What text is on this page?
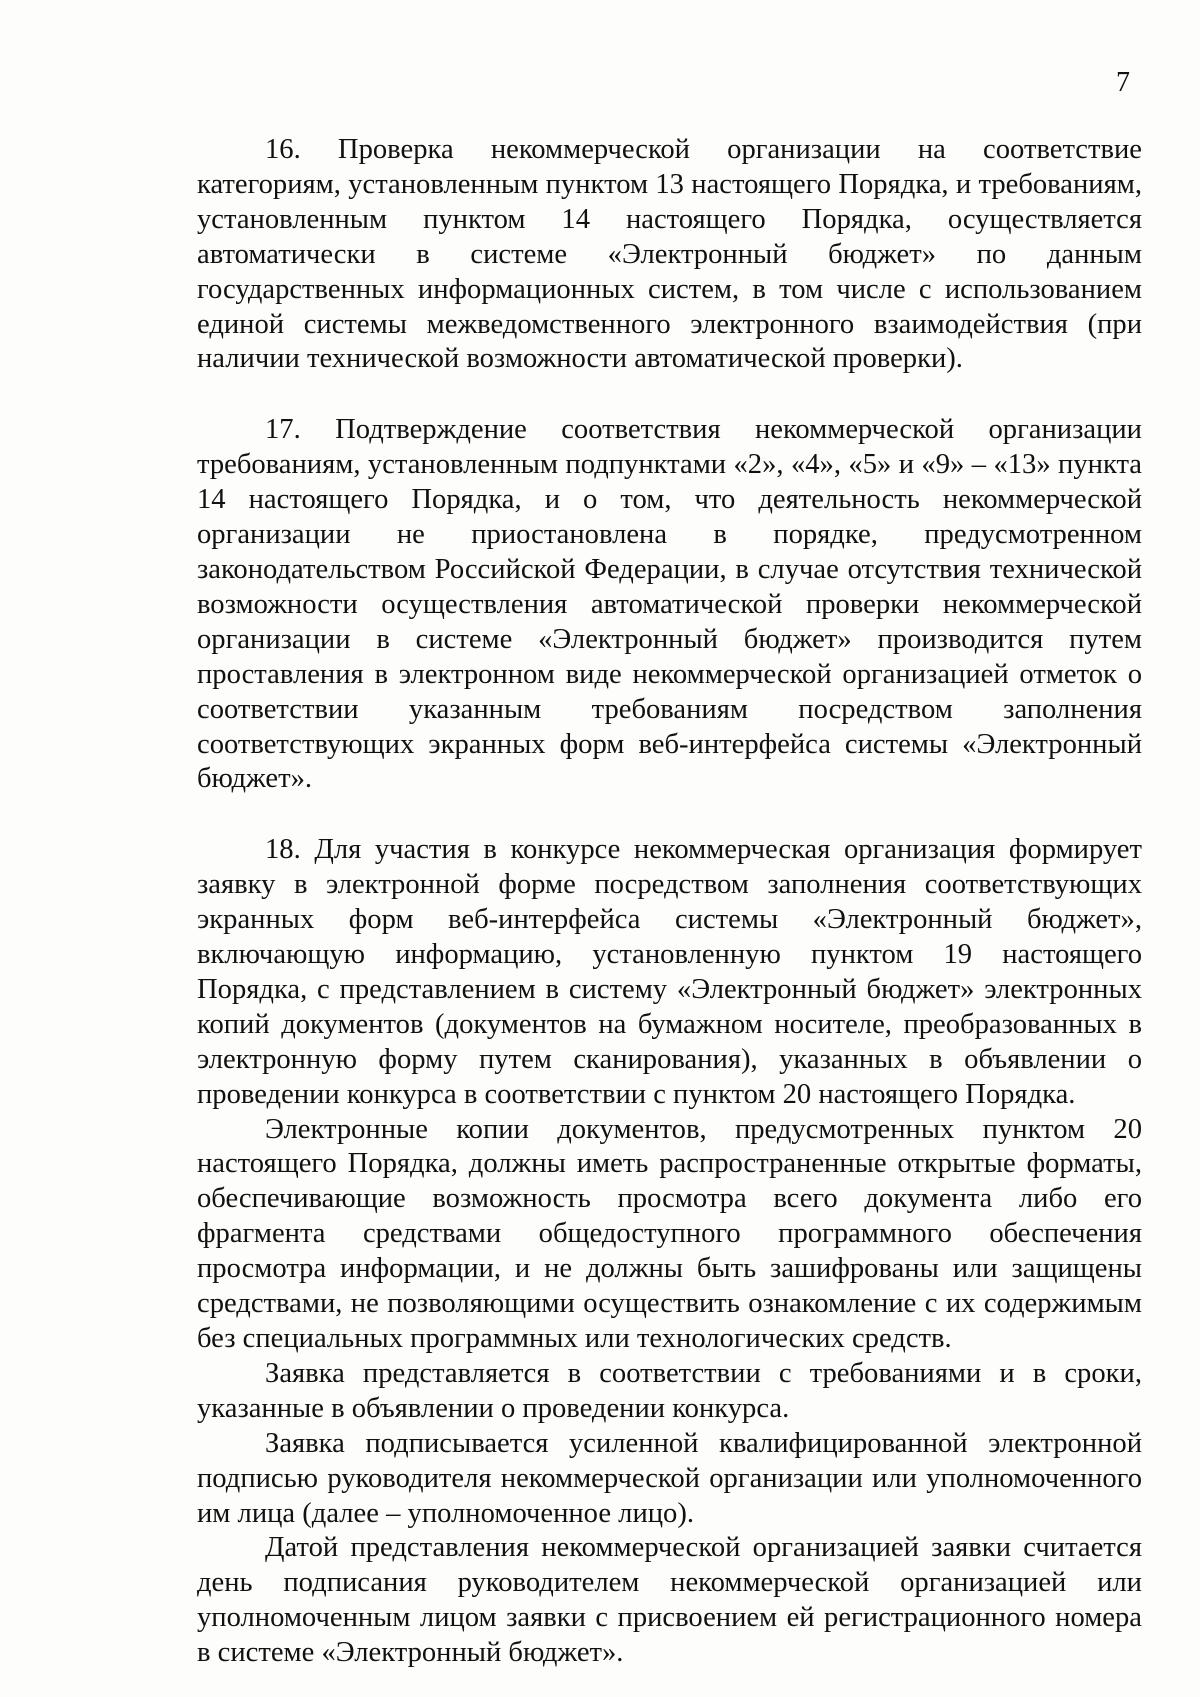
7

16. Проверка некоммерческой организации на соответствие категориям, установленным пунктом 13 настоящего Порядка, и требованиям, установленным пунктом 14 настоящего Порядка, осуществляется автоматически в системе «Электронный бюджет» по данным государственных информационных систем, в том числе с использованием единой системы межведомственного электронного взаимодействия (при наличии технической возможности автоматической проверки).

17. Подтверждение соответствия некоммерческой организации требованиям, установленным подпунктами «2», «4», «5» и «9» – «13» пункта 14 настоящего Порядка, и о том, что деятельность некоммерческой организации не приостановлена в порядке, предусмотренном законодательством Российской Федерации, в случае отсутствия технической возможности осуществления автоматической проверки некоммерческой организации в системе «Электронный бюджет» производится путем проставления в электронном виде некоммерческой организацией отметок о соответствии указанным требованиям посредством заполнения соответствующих экранных форм веб-интерфейса системы «Электронный бюджет».

18. Для участия в конкурсе некоммерческая организация формирует заявку в электронной форме посредством заполнения соответствующих экранных форм веб-интерфейса системы «Электронный бюджет», включающую информацию, установленную пунктом 19 настоящего Порядка, с представлением в систему «Электронный бюджет» электронных копий документов (документов на бумажном носителе, преобразованных в электронную форму путем сканирования), указанных в объявлении о проведении конкурса в соответствии с пунктом 20 настоящего Порядка.

Электронные копии документов, предусмотренных пунктом 20 настоящего Порядка, должны иметь распространенные открытые форматы, обеспечивающие возможность просмотра всего документа либо его фрагмента средствами общедоступного программного обеспечения просмотра информации, и не должны быть зашифрованы или защищены средствами, не позволяющими осуществить ознакомление с их содержимым без специальных программных или технологических средств.

Заявка представляется в соответствии с требованиями и в сроки, указанные в объявлении о проведении конкурса.

Заявка подписывается усиленной квалифицированной электронной подписью руководителя некоммерческой организации или уполномоченного им лица (далее – уполномоченное лицо).

Датой представления некоммерческой организацией заявки считается день подписания руководителем некоммерческой организацией или уполномоченным лицом заявки с присвоением ей регистрационного номера в системе «Электронный бюджет».
